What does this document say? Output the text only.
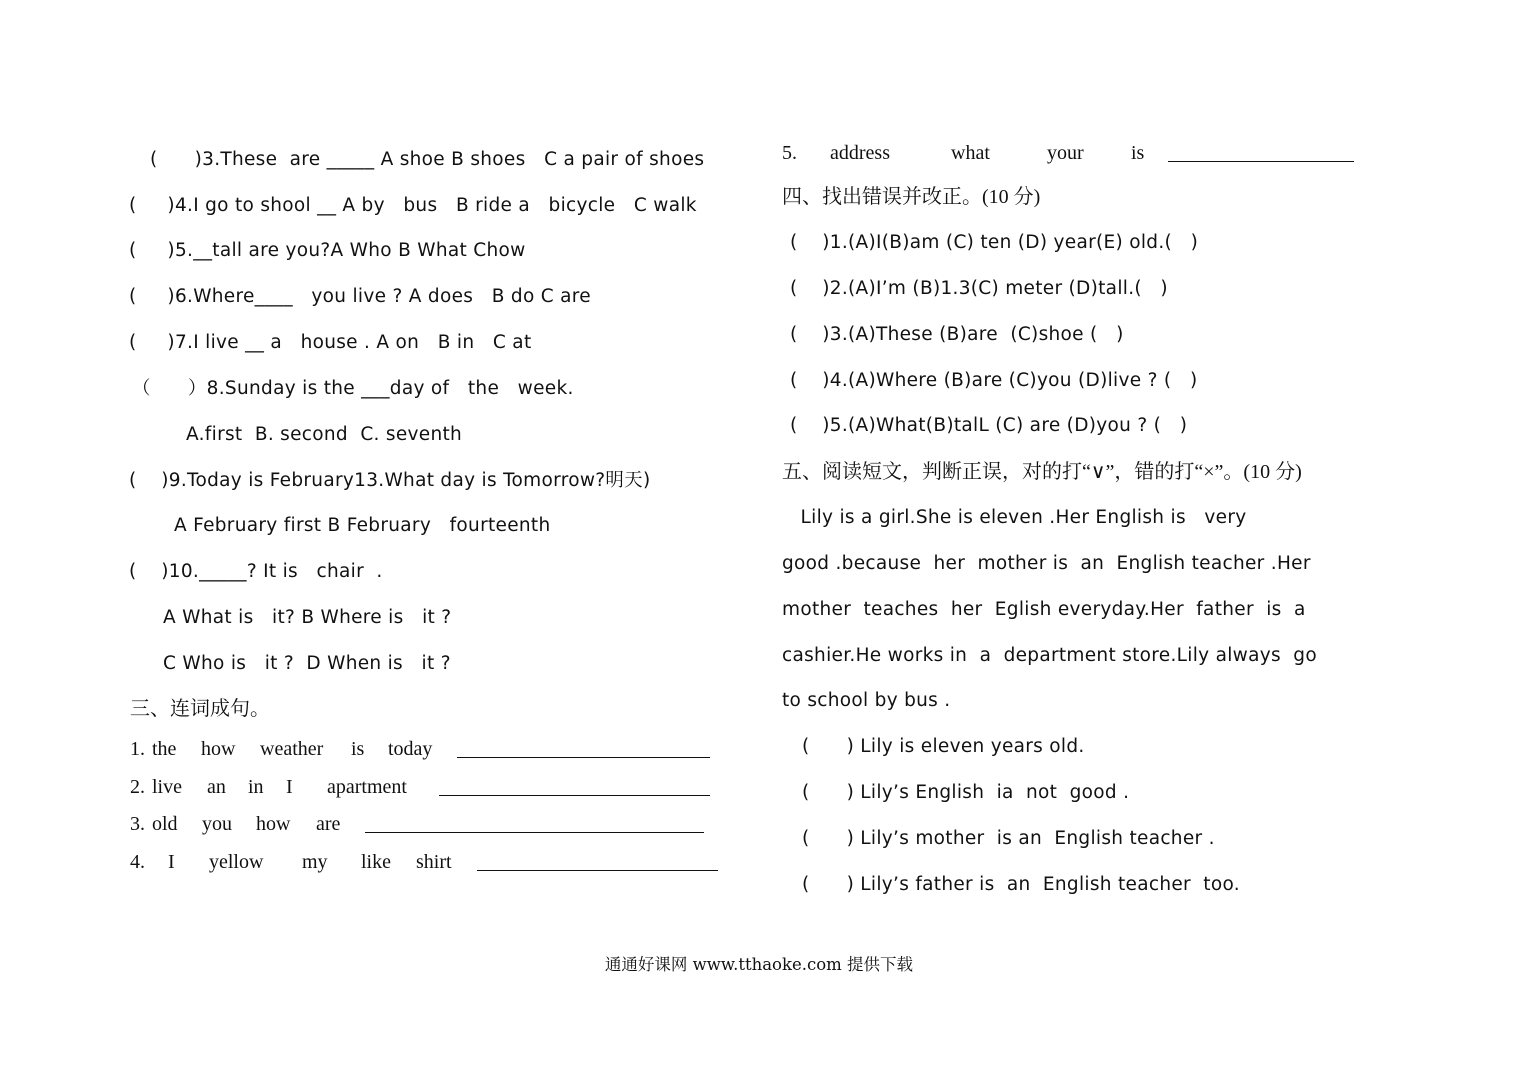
(      )3.These  are _____ A shoe B shoes   C a pair of shoes
(     )4.I go to shool __ A by   bus   B ride a   bicycle   C walk
(     )5.__tall are you?A Who B What Chow
(     )6.Where____   you live ? A does   B do C are
(     )7.I live __ a   house . A on   B in   C at
（      ）8.Sunday is the ___day of   the   week.
A.first  B. second  C. seventh
(    )9.Today is February13.What day is Tomorrow?明天)
A February first B February   fourteenth
(    )10._____? It is   chair  .
A What is   it? B Where is   it ?
C Who is   it ?  D When is   it ?
三、连词成句。
1. the how weather is today
2. live an in I apartment
3. old you how are
4. I yellow my like shirt
5. address	what	your is
四、找出错误并改正。(10 分)
(    )1.(A)I(B)am (C) ten (D) year(E) old.(   )
(    )2.(A)I’m (B)1.3(C) meter (D)tall.(   )
(    )3.(A)These (B)are  (C)shoe (   )
(    )4.(A)Where (B)are (C)you (D)live ? (   )
(    )5.(A)What(B)talL (C) are (D)you ? (   )
五、阅读短文，判断正误，对的打“∨”，错的打“×”。(10 分)
Lily is a girl.She is eleven .Her English is   very
good .because  her  mother is  an  English teacher .Her
mother  teaches  her  Eglish everyday.Her  father  is  a
cashier.He works in  a  department store.Lily always  go
to school by bus .
(      ) Lily is eleven years old.
(      ) Lily’s English  ia  not  good .
(      ) Lily’s mother  is an  English teacher .
(      ) Lily’s father is  an  English teacher  too.
通通好课网 www.tthaoke.com 提供下载
